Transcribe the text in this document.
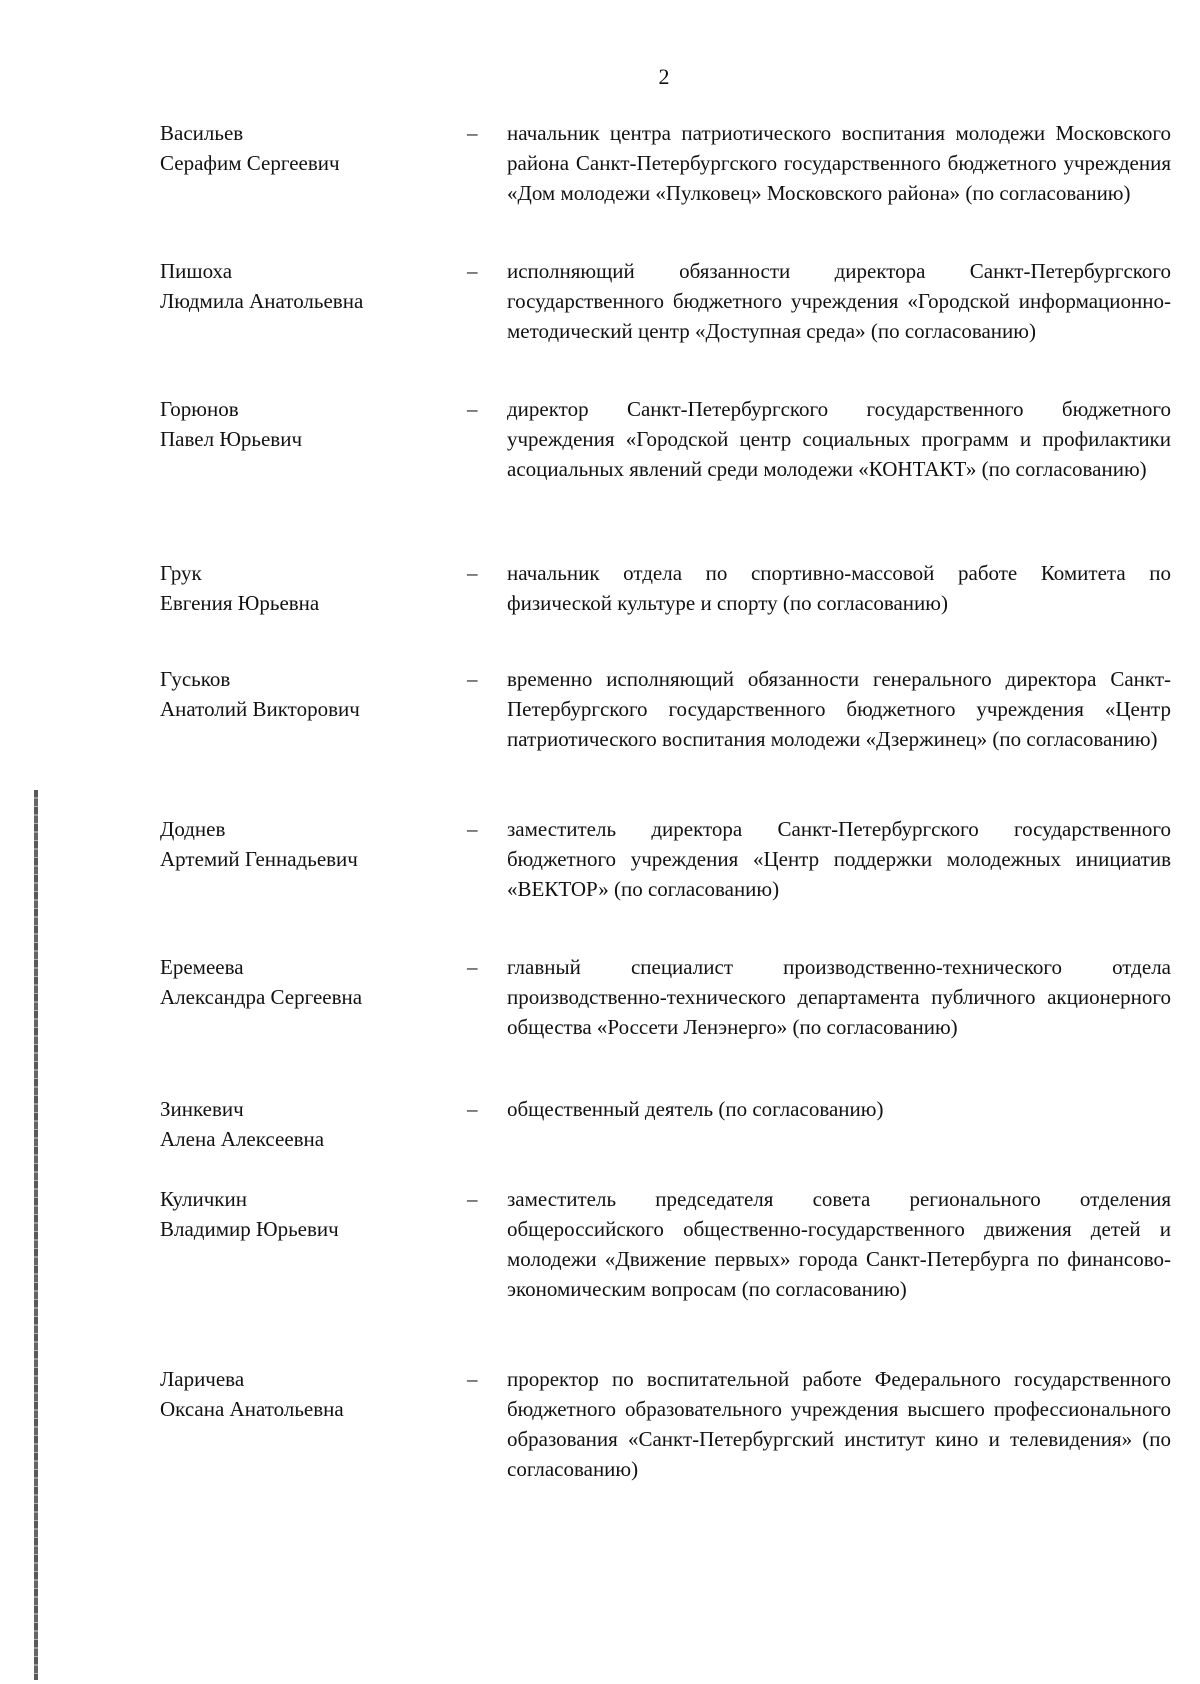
2
Васильев
Серафим Сергеевич
– начальник центра патриотического воспитания молодежи Московского района Санкт-Петербургского государственного бюджетного учреждения «Дом молодежи «Пулковец» Московского района» (по согласованию)
Пишоха
Людмила Анатольевна
– исполняющий обязанности директора Санкт-Петербургского государственного бюджетного учреждения «Городской информационно-методический центр «Доступная среда» (по согласованию)
Горюнов
Павел Юрьевич
– директор Санкт-Петербургского государственного бюджетного учреждения «Городской центр социальных программ и профилактики асоциальных явлений среди молодежи «КОНТАКТ» (по согласованию)
Грук
Евгения Юрьевна
– начальник отдела по спортивно-массовой работе Комитета по физической культуре и спорту (по согласованию)
Гуськов
Анатолий Викторович
– временно исполняющий обязанности генерального директора Санкт-Петербургского государственного бюджетного учреждения «Центр патриотического воспитания молодежи «Дзержинец» (по согласованию)
Доднев
Артемий Геннадьевич
– заместитель директора Санкт-Петербургского государственного бюджетного учреждения «Центр поддержки молодежных инициатив «ВЕКТОР» (по согласованию)
Еремеева
Александра Сергеевна
– главный специалист производственно-технического отдела производственно-технического департамента публичного акционерного общества «Россети Ленэнерго» (по согласованию)
Зинкевич
Алена Алексеевна
– общественный деятель (по согласованию)
Куличкин
Владимир Юрьевич
– заместитель председателя совета регионального отделения общероссийского общественно-государственного движения детей и молодежи «Движение первых» города Санкт-Петербурга по финансово-экономическим вопросам (по согласованию)
Ларичева
Оксана Анатольевна
– проректор по воспитательной работе Федерального государственного бюджетного образовательного учреждения высшего профессионального образования «Санкт-Петербургский институт кино и телевидения» (по согласованию)
